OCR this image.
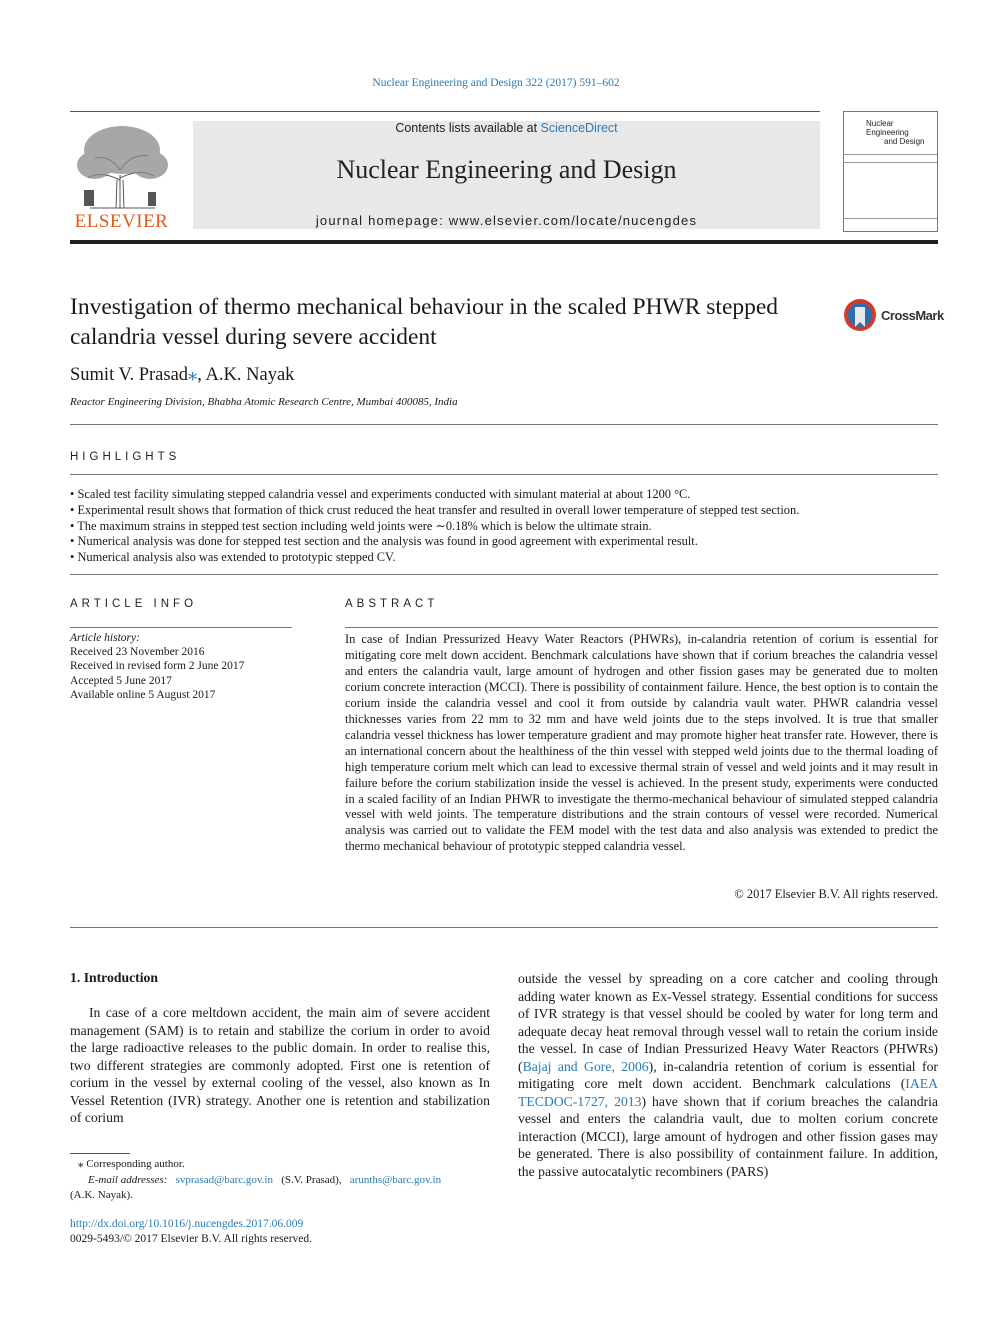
Nuclear Engineering and Design 322 (2017) 591–602
ELSEVIER
Contents lists available at ScienceDirect
Nuclear Engineering and Design
journal homepage: www.elsevier.com/locate/nucengdes
Nuclear Engineering
and Design
Investigation of thermo mechanical behaviour in the scaled PHWR stepped calandria vessel during severe accident
CrossMark
Sumit V. Prasad⁎, A.K. Nayak
Reactor Engineering Division, Bhabha Atomic Research Centre, Mumbai 400085, India
HIGHLIGHTS
• Scaled test facility simulating stepped calandria vessel and experiments conducted with simulant material at about 1200 °C.
• Experimental result shows that formation of thick crust reduced the heat transfer and resulted in overall lower temperature of stepped test section.
• The maximum strains in stepped test section including weld joints were ∼0.18% which is below the ultimate strain.
• Numerical analysis was done for stepped test section and the analysis was found in good agreement with experimental result.
• Numerical analysis also was extended to prototypic stepped CV.
ARTICLE INFO
Article history:
Received 23 November 2016
Received in revised form 2 June 2017
Accepted 5 June 2017
Available online 5 August 2017
ABSTRACT
In case of Indian Pressurized Heavy Water Reactors (PHWRs), in-calandria retention of corium is essential for mitigating core melt down accident. Benchmark calculations have shown that if corium breaches the calandria vessel and enters the calandria vault, large amount of hydrogen and other fission gases may be generated due to molten corium concrete interaction (MCCI). There is possibility of containment failure. Hence, the best option is to contain the corium inside the calandria vessel and cool it from outside by calandria vault water. PHWR calandria vessel thicknesses varies from 22 mm to 32 mm and have weld joints due to the steps involved. It is true that smaller calandria vessel thickness has lower temperature gradient and may promote higher heat transfer rate. However, there is an international concern about the healthiness of the thin vessel with stepped weld joints due to the thermal loading of high temperature corium melt which can lead to excessive thermal strain of vessel and weld joints and it may result in failure before the corium stabilization inside the vessel is achieved. In the present study, experiments were conducted in a scaled facility of an Indian PHWR to investigate the thermo-mechanical behaviour of simulated stepped calandria vessel with weld joints. The temperature distributions and the strain contours of vessel were recorded. Numerical analysis was carried out to validate the FEM model with the test data and also analysis was extended to predict the thermo mechanical behaviour of prototypic stepped calandria vessel.
© 2017 Elsevier B.V. All rights reserved.
1. Introduction

In case of a core meltdown accident, the main aim of severe accident management (SAM) is to retain and stabilize the corium in order to avoid the large radioactive releases to the public domain. In order to realise this, two different strategies are commonly adopted. First one is retention of corium in the vessel by external cooling of the vessel, also known as In Vessel Retention (IVR) strategy. Another one is retention and stabilization of corium

outside the vessel by spreading on a core catcher and cooling through adding water known as Ex-Vessel strategy. Essential conditions for success of IVR strategy is that vessel should be cooled by water for long term and adequate decay heat removal through vessel wall to retain the corium inside the vessel. In case of Indian Pressurized Heavy Water Reactors (PHWRs) (Bajaj and Gore, 2006), in-calandria retention of corium is essential for mitigating core melt down accident. Benchmark calculations (IAEA TECDOC-1727, 2013) have shown that if corium breaches the calandria vessel and enters the calandria vault, due to molten corium concrete interaction (MCCI), large amount of hydrogen and other fission gases may be generated. There is also possibility of containment failure. In addition, the passive autocatalytic recombiners (PARS)

⁎ Corresponding author.
E-mail addresses: svprasad@barc.gov.in (S.V. Prasad), arunths@barc.gov.in
(A.K. Nayak).
http://dx.doi.org/10.1016/j.nucengdes.2017.06.009
0029-5493/© 2017 Elsevier B.V. All rights reserved.
